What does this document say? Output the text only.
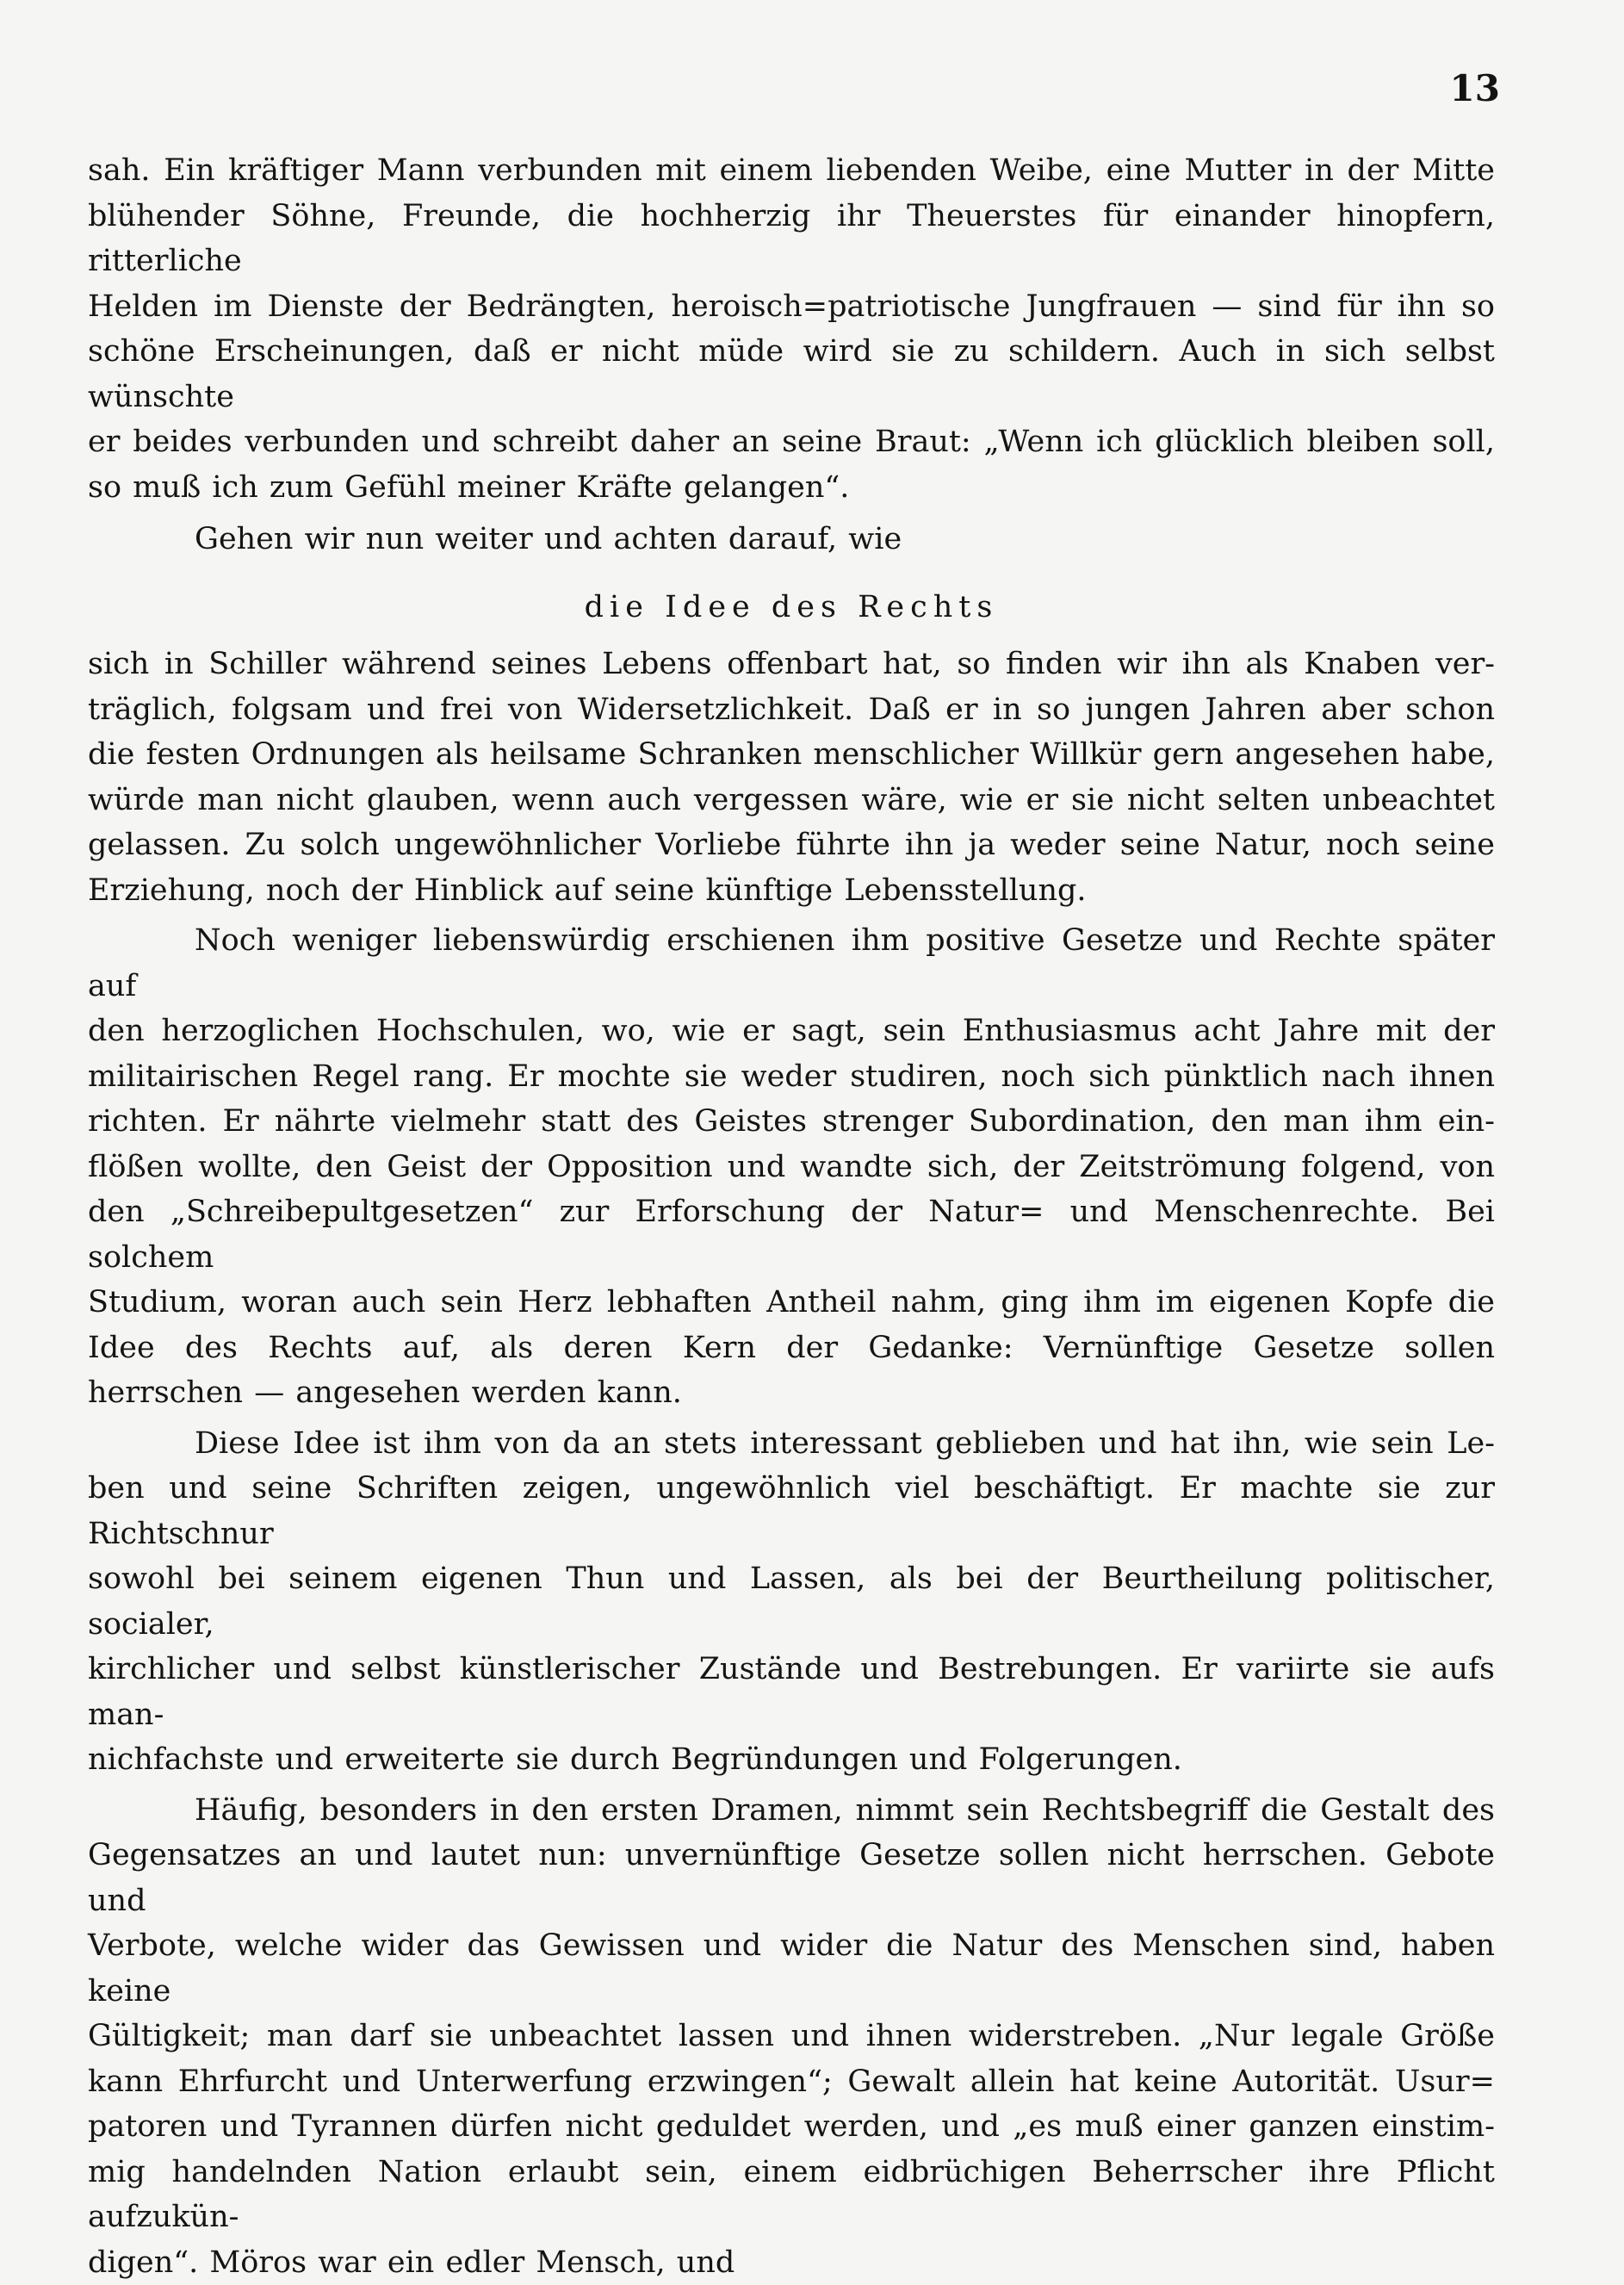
13

sah. Ein kräftiger Mann verbunden mit einem liebenden Weibe, eine Mutter in der Mitte

blühender Söhne, Freunde, die hochherzig ihr Theuerstes für einander hinopfern, ritterliche

Helden im Dienste der Bedrängten, heroisch=patriotische Jungfrauen — sind für ihn so

schöne Erscheinungen, daß er nicht müde wird sie zu schildern. Auch in sich selbst wünschte

er beides verbunden und schreibt daher an seine Braut: „Wenn ich glücklich bleiben soll,

so muß ich zum Gefühl meiner Kräfte gelangen“.

Gehen wir nun weiter und achten darauf, wie

die Idee des Rechts

sich in Schiller während seines Lebens offenbart hat, so finden wir ihn als Knaben ver-

träglich, folgsam und frei von Widersetzlichkeit. Daß er in so jungen Jahren aber schon

die festen Ordnungen als heilsame Schranken menschlicher Willkür gern angesehen habe,

würde man nicht glauben, wenn auch vergessen wäre, wie er sie nicht selten unbeachtet

gelassen. Zu solch ungewöhnlicher Vorliebe führte ihn ja weder seine Natur, noch seine

Erziehung, noch der Hinblick auf seine künftige Lebensstellung.

Noch weniger liebenswürdig erschienen ihm positive Gesetze und Rechte später auf

den herzoglichen Hochschulen, wo, wie er sagt, sein Enthusiasmus acht Jahre mit der

militairischen Regel rang. Er mochte sie weder studiren, noch sich pünktlich nach ihnen

richten. Er nährte vielmehr statt des Geistes strenger Subordination, den man ihm ein-

flößen wollte, den Geist der Opposition und wandte sich, der Zeitströmung folgend, von

den „Schreibepultgesetzen“ zur Erforschung der Natur= und Menschenrechte. Bei solchem

Studium, woran auch sein Herz lebhaften Antheil nahm, ging ihm im eigenen Kopfe die

Idee des Rechts auf, als deren Kern der Gedanke: Vernünftige Gesetze sollen

herrschen — angesehen werden kann.

Diese Idee ist ihm von da an stets interessant geblieben und hat ihn, wie sein Le-

ben und seine Schriften zeigen, ungewöhnlich viel beschäftigt. Er machte sie zur Richtschnur

sowohl bei seinem eigenen Thun und Lassen, als bei der Beurtheilung politischer, socialer,

kirchlicher und selbst künstlerischer Zustände und Bestrebungen. Er variirte sie aufs man-

nichfachste und erweiterte sie durch Begründungen und Folgerungen.

Häufig, besonders in den ersten Dramen, nimmt sein Rechtsbegriff die Gestalt des

Gegensatzes an und lautet nun: unvernünftige Gesetze sollen nicht herrschen. Gebote und

Verbote, welche wider das Gewissen und wider die Natur des Menschen sind, haben keine

Gültigkeit; man darf sie unbeachtet lassen und ihnen widerstreben. „Nur legale Größe

kann Ehrfurcht und Unterwerfung erzwingen“; Gewalt allein hat keine Autorität. Usur=

patoren und Tyrannen dürfen nicht geduldet werden, und „es muß einer ganzen einstim-

mig handelnden Nation erlaubt sein, einem eidbrüchigen Beherrscher ihre Pflicht aufzukün-

digen“. Möros war ein edler Mensch, und
